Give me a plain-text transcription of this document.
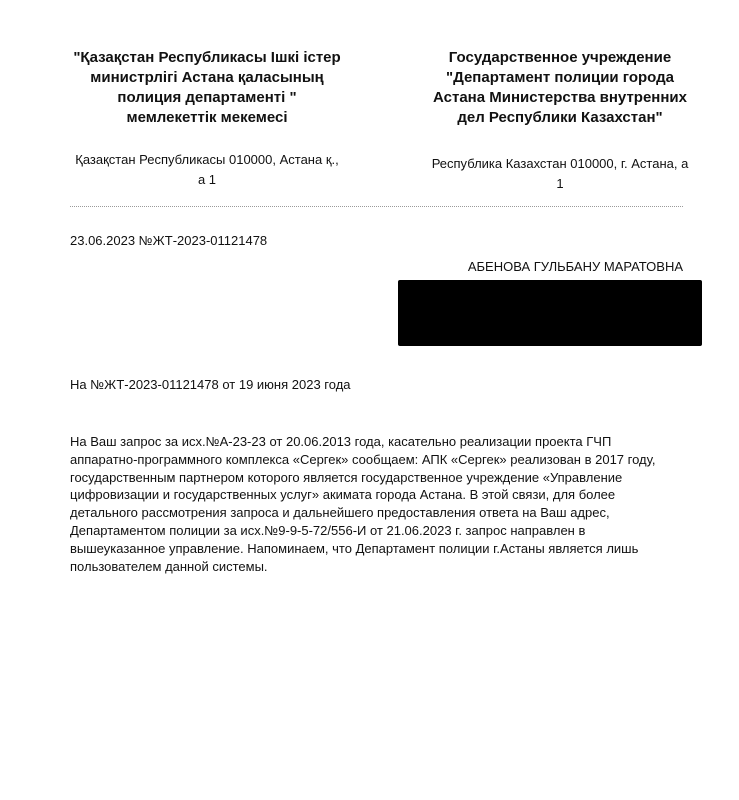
"Қазақстан Республикасы Ішкі істер
министрлігі Астана қаласының
полиция департаменті "
мемлекеттік мекемесі

Қазақстан Республикасы 010000, Астана қ.,
а 1

Государственное учреждение
"Департамент полиции города
Астана Министерства внутренних
дел Республики Казахстан"

Республика Казахстан 010000, г. Астана, а
1

23.06.2023 №ЖТ-2023-01121478
АБЕНОВА ГУЛЬБАНУ МАРАТОВНА
На №ЖТ-2023-01121478 от 19 июня 2023 года

На Ваш запрос за исх.№А-23-23 от 20.06.2013 года, касательно реализации проекта ГЧП
аппаратно-программного комплекса «Сергек» сообщаем: АПК «Сергек» реализован в 2017 году,
государственным партнером которого является государственное учреждение «Управление
цифровизации и государственных услуг» акимата города Астана. В этой связи, для более
детального рассмотрения запроса и дальнейшего предоставления ответа на Ваш адрес,
Департаментом полиции за исх.№9-9-5-72/556-И от 21.06.2023 г. запрос направлен в
вышеуказанное управление. Напоминаем, что Департамент полиции г.Астаны является лишь
пользователем данной системы.
